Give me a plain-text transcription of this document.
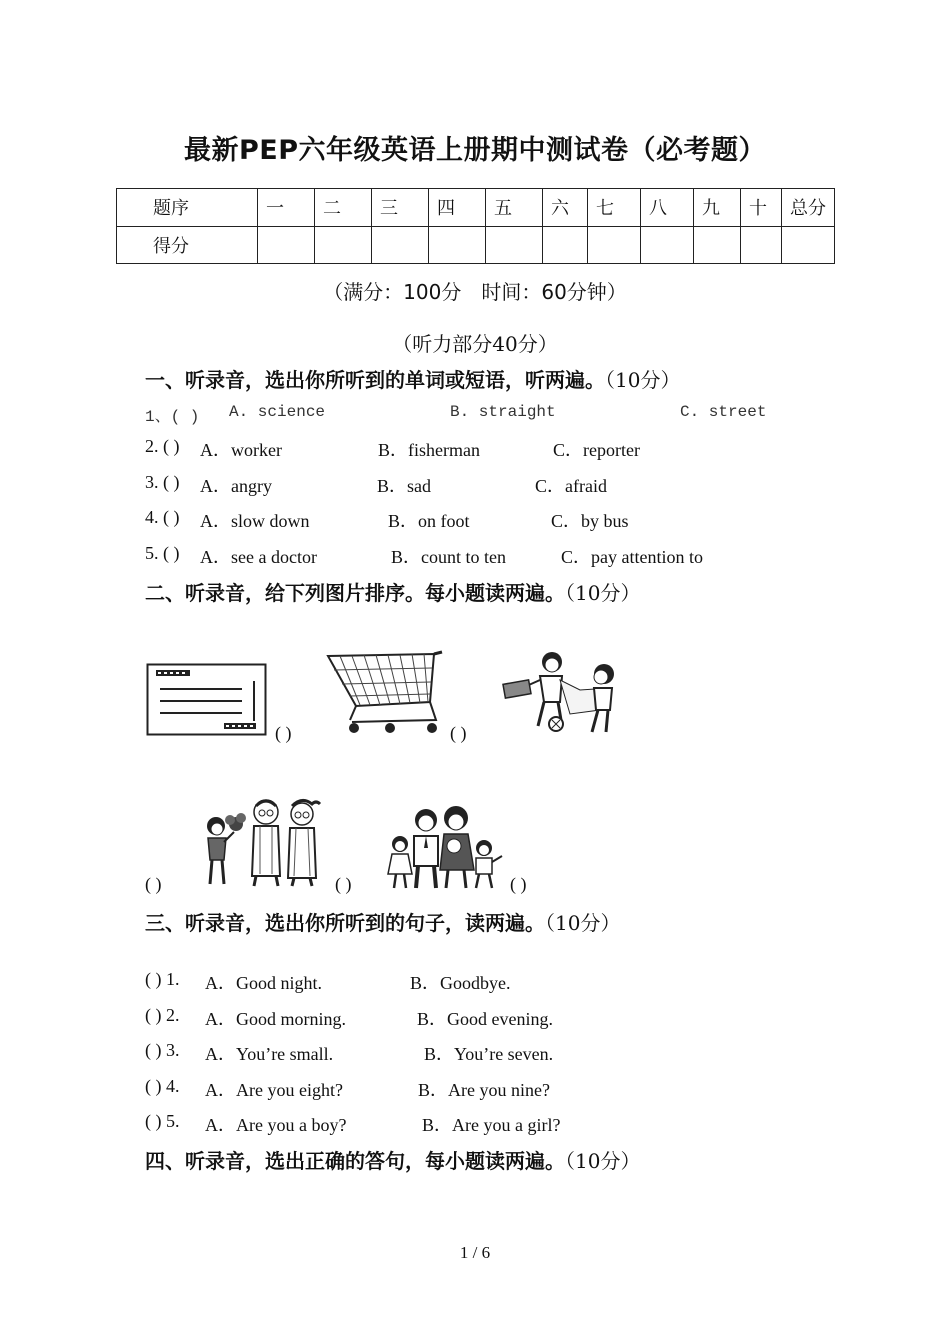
最新PEP六年级英语上册期中测试卷（必考题）
题序	一	二	三	四	五	六	七	八	九	十	总分
得分											
（满分：100分　时间：60分钟）
（听力部分40分）
一、听录音，选出你所听到的单词或短语，听两遍。（10分）
1、( ) A. science	B. straight	C. street
2. ( ) A．worker	B．fisherman	C．reporter
3. ( ) A．angry	B．sad	C．afraid
4. ( ) A．slow down	B．on foot	C．by bus
5. ( ) A．see a doctor	B．count to ten	C．pay attention to
二、听录音，给下列图片排序。每小题读两遍。（10分）
( )	( )
( )	( )	( )
三、听录音，选出你所听到的句子，读两遍。（10分）
( ) 1. A．Good night.	B．Goodbye.
( ) 2. A．Good morning.	B．Good evening.
( ) 3. A．You’re small.	B．You’re seven.
( ) 4. A．Are you eight?	B．Are you nine?
( ) 5. A．Are you a boy?	B．Are you a girl?
四、听录音，选出正确的答句，每小题读两遍。（10分）
1 / 6
